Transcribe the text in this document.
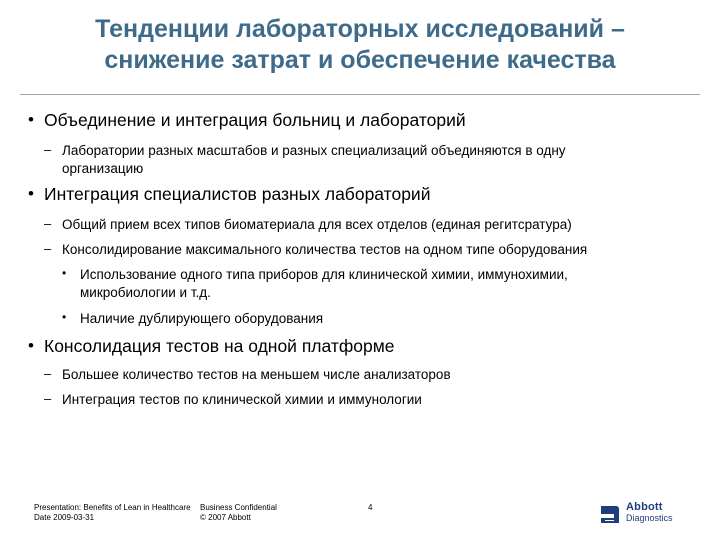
Тенденции лабораторных исследований –
снижение затрат и обеспечение качества
• Объединение и интеграция больниц и лабораторий
– Лаборатории разных масштабов и разных специализаций объединяются в одну
организацию
• Интеграция специалистов разных лабораторий
– Общий прием всех типов биоматериала для всех отделов (единая регитсратура)
– Консолидирование максимального количества тестов на одном типе оборудования
• Использование одного типа приборов для клинической химии, иммунохимии,
микробиологии и т.д.
• Наличие дублирующего оборудования
• Консолидация тестов на одной платформе
– Большее количество тестов на меньшем числе анализаторов
– Интеграция тестов по клинической химии и иммунологии
Presentation: Benefits of Lean in Healthcare
Date 2009-03-31
Business Confidential
© 2007 Abbott
4	Abbott
Diagnostics
